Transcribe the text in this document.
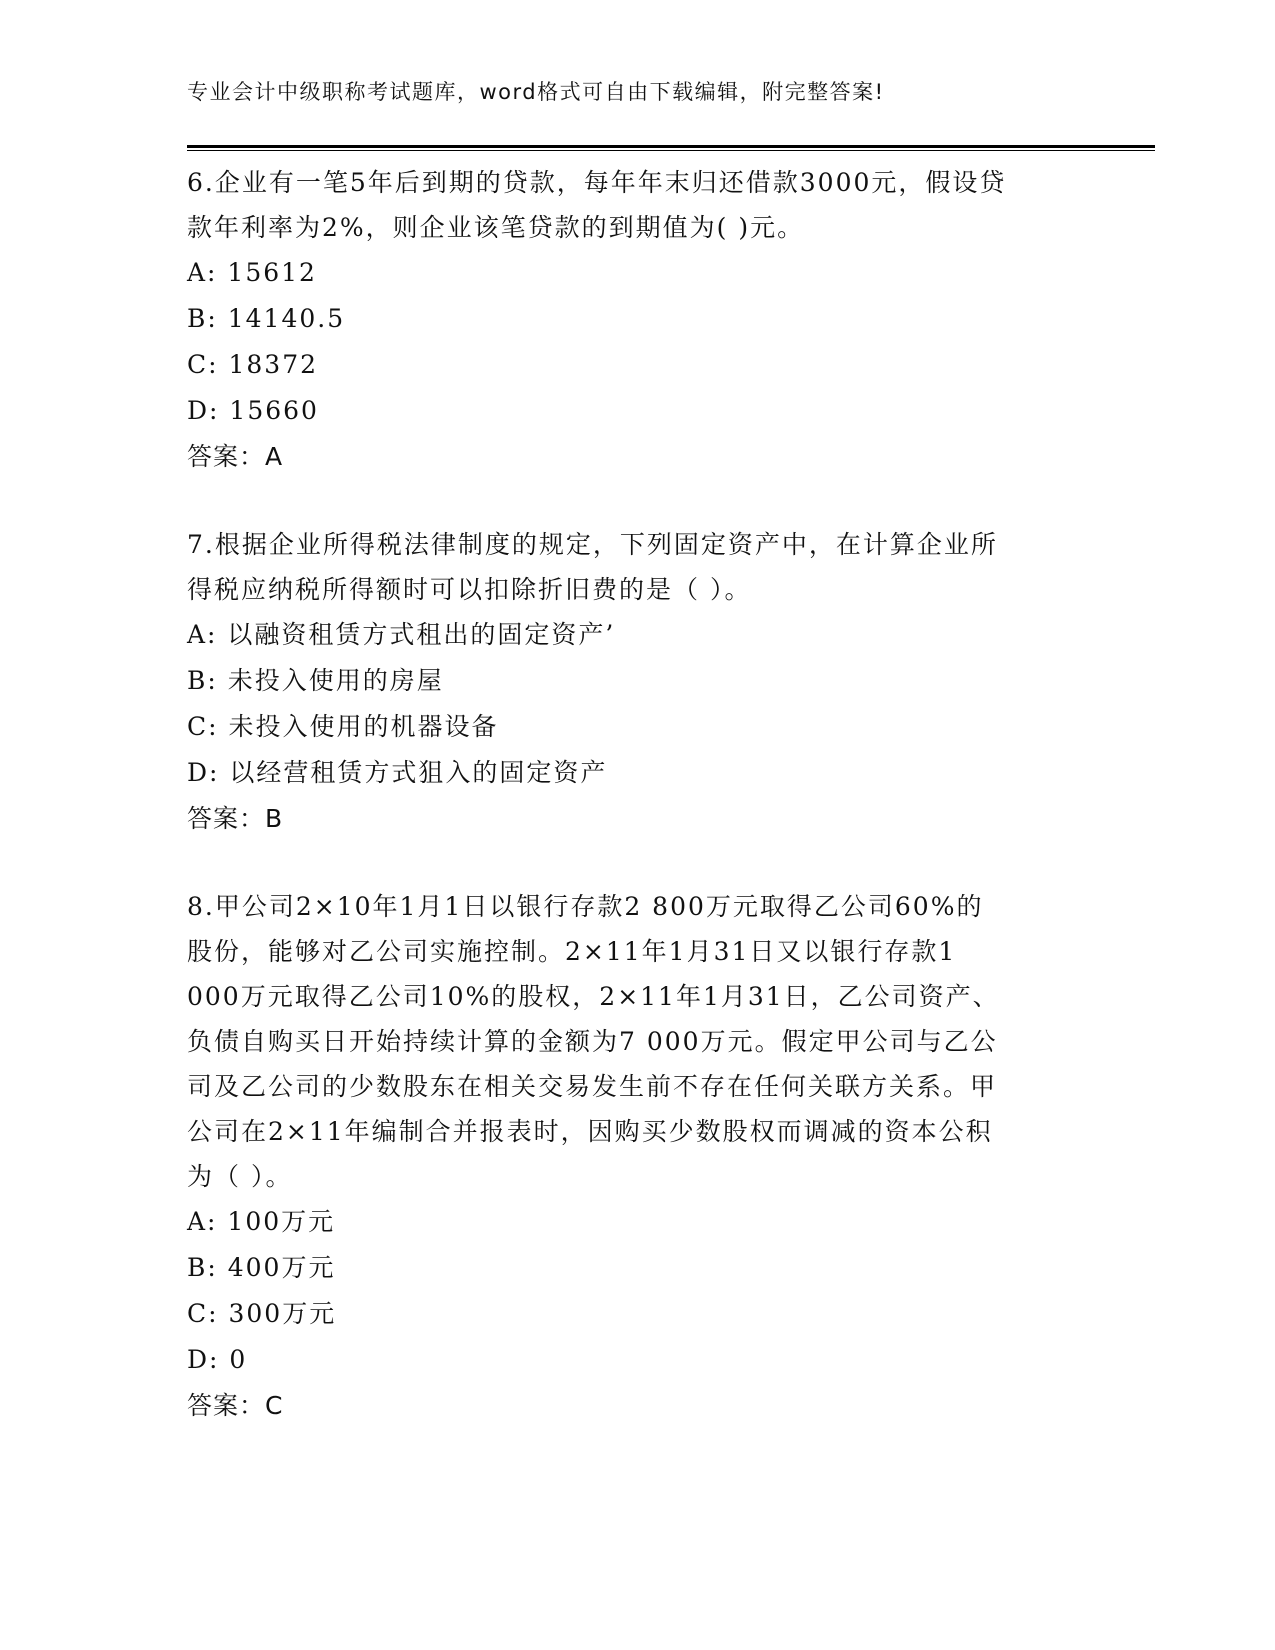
专业会计中级职称考试题库，word格式可自由下载编辑，附完整答案!

6.企业有一笔5年后到期的贷款，每年年末归还借款3000元，假设贷

款年利率为2%，则企业该笔贷款的到期值为( )元。

A: 15612

B: 14140.5

C: 18372

D: 15660

答案：A

7.根据企业所得税法律制度的规定，下列固定资产中，在计算企业所

得税应纳税所得额时可以扣除折旧费的是（ ）。

A: 以融资租赁方式租出的固定资产’

B: 未投入使用的房屋

C: 未投入使用的机器设备

D: 以经营租赁方式狙入的固定资产

答案：B

8.甲公司2×10年1月1日以银行存款2 800万元取得乙公司60%的

股份，能够对乙公司实施控制。2×11年1月31日又以银行存款1

000万元取得乙公司10%的股权，2×11年1月31日，乙公司资产、

负债自购买日开始持续计算的金额为7 000万元。假定甲公司与乙公

司及乙公司的少数股东在相关交易发生前不存在任何关联方关系。甲

公司在2×11年编制合并报表时，因购买少数股权而调减的资本公积

为（ ）。

A: 100万元

B: 400万元

C: 300万元

D: 0

答案：C
